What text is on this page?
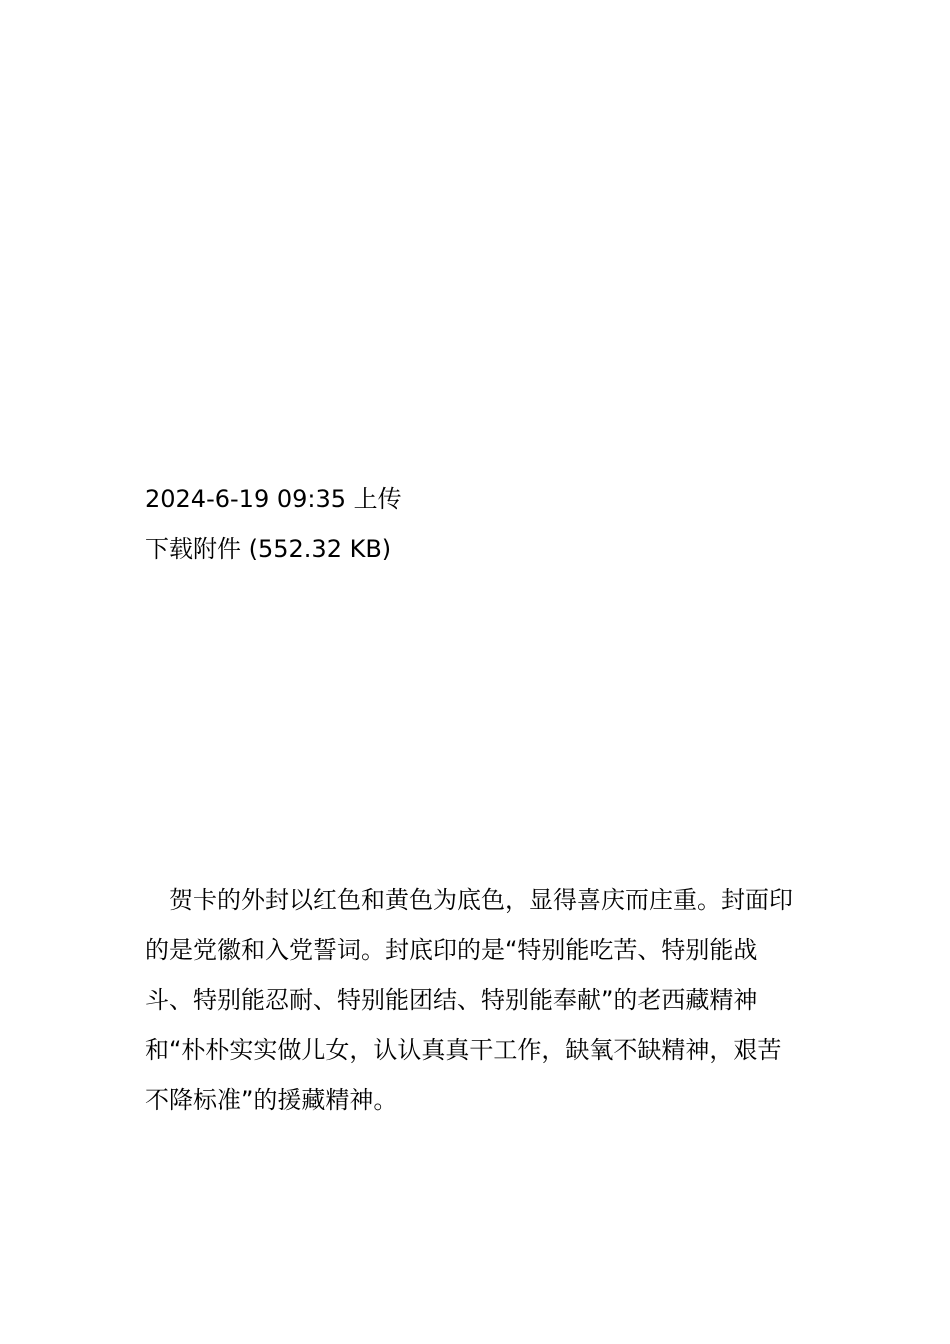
2024-6-19 09:35 上传
下载附件 (552.32 KB)

贺卡的外封以红色和黄色为底色，显得喜庆而庄重。封面印的是党徽和入党誓词。封底印的是“特别能吃苦、特别能战斗、特别能忍耐、特别能团结、特别能奉献”的老西藏精神和“朴朴实实做儿女，认认真真干工作，缺氧不缺精神，艰苦不降标准”的援藏精神。
